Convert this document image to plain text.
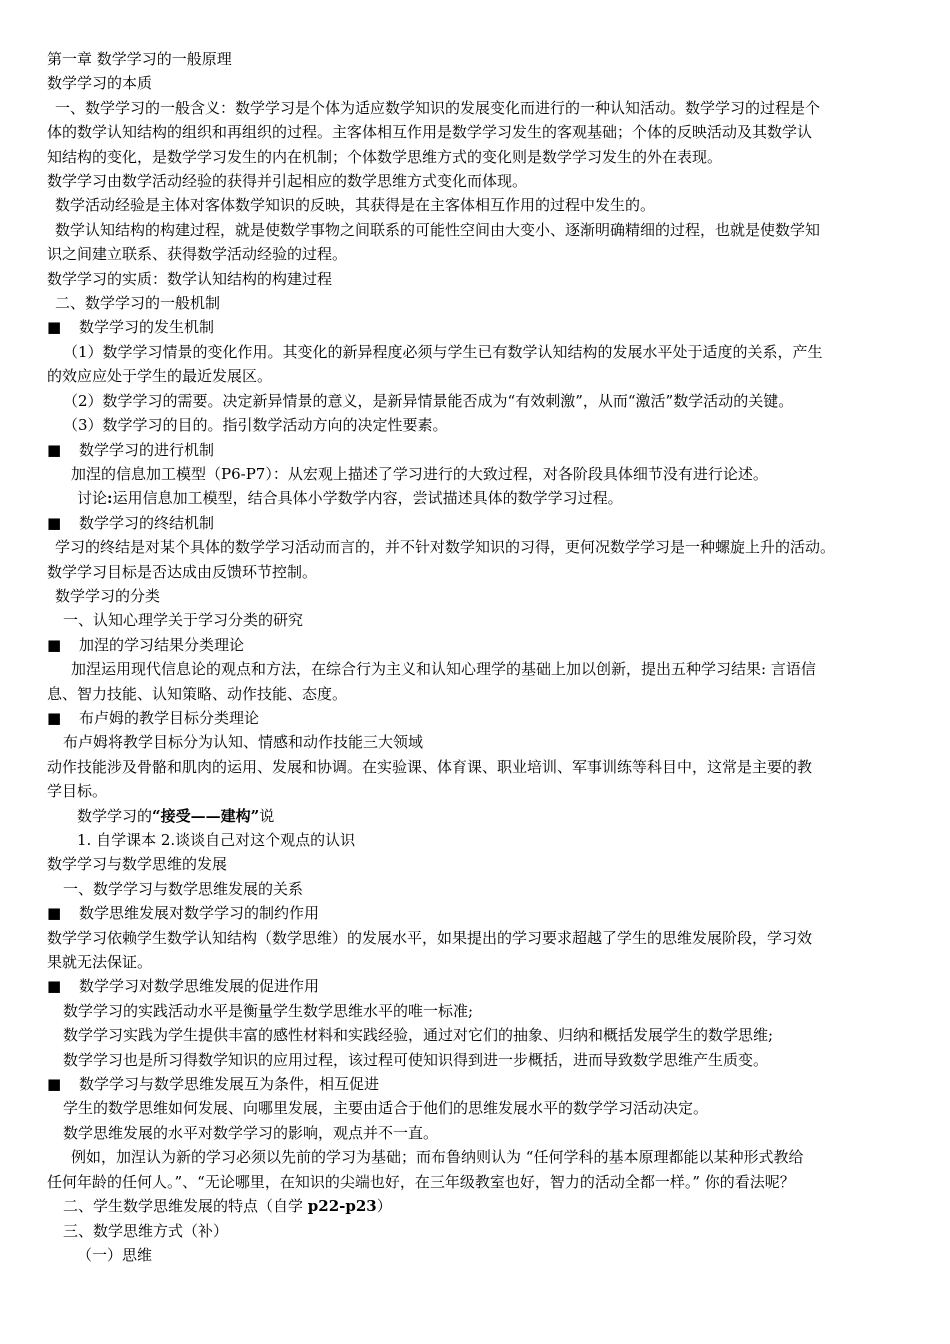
第一章 数学学习的一般原理
数学学习的本质
一、数学学习的一般含义：数学学习是个体为适应数学知识的发展变化而进行的一种认知活动。数学学习的过程是个
体的数学认知结构的组织和再组织的过程。主客体相互作用是数学学习发生的客观基础；个体的反映活动及其数学认
知结构的变化，是数学学习发生的内在机制；个体数学思维方式的变化则是数学学习发生的外在表现。
数学学习由数学活动经验的获得并引起相应的数学思维方式变化而体现。
数学活动经验是主体对客体数学知识的反映，其获得是在主客体相互作用的过程中发生的。
数学认知结构的构建过程，就是使数学事物之间联系的可能性空间由大变小、逐渐明确精细的过程，也就是使数学知
识之间建立联系、获得数学活动经验的过程。
数学学习的实质：数学认知结构的构建过程
二、数学学习的一般机制
■	数学学习的发生机制
（1）数学学习情景的变化作用。其变化的新异程度必须与学生已有数学认知结构的发展水平处于适度的关系，产生
的效应应处于学生的最近发展区。
（2）数学学习的需要。决定新异情景的意义，是新异情景能否成为“有效刺激”，从而“激活”数学活动的关键。
（3）数学学习的目的。指引数学活动方向的决定性要素。
■	数学学习的进行机制
加涅的信息加工模型（P6-P7）：从宏观上描述了学习进行的大致过程，对各阶段具体细节没有进行论述。
讨论:运用信息加工模型，结合具体小学数学内容，尝试描述具体的数学学习过程。
■	数学学习的终结机制
学习的终结是对某个具体的数学学习活动而言的，并不针对数学知识的习得，更何况数学学习是一种螺旋上升的活动。
数学学习目标是否达成由反馈环节控制。
数学学习的分类
一、认知心理学关于学习分类的研究
■	加涅的学习结果分类理论
加涅运用现代信息论的观点和方法，在综合行为主义和认知心理学的基础上加以创新，提出五种学习结果: 言语信
息、智力技能、认知策略、动作技能、态度。
■	布卢姆的教学目标分类理论
布卢姆将教学目标分为认知、情感和动作技能三大领域
动作技能涉及骨骼和肌肉的运用、发展和协调。在实验课、体育课、职业培训、军事训练等科目中，这常是主要的教
学目标。
数学学习的“接受——建构”说
1. 自学课本 2.谈谈自己对这个观点的认识
数学学习与数学思维的发展
一、数学学习与数学思维发展的关系
■	数学思维发展对数学学习的制约作用
数学学习依赖学生数学认知结构（数学思维）的发展水平，如果提出的学习要求超越了学生的思维发展阶段，学习效
果就无法保证。
■	数学学习对数学思维发展的促进作用
数学学习的实践活动水平是衡量学生数学思维水平的唯一标准;
数学学习实践为学生提供丰富的感性材料和实践经验，通过对它们的抽象、归纳和概括发展学生的数学思维;
数学学习也是所习得数学知识的应用过程，该过程可使知识得到进一步概括，进而导致数学思维产生质变。
■	数学学习与数学思维发展互为条件，相互促进
学生的数学思维如何发展、向哪里发展，主要由适合于他们的思维发展水平的数学学习活动决定。
数学思维发展的水平对数学学习的影响，观点并不一直。
例如，加涅认为新的学习必须以先前的学习为基础；而布鲁纳则认为 “任何学科的基本原理都能以某种形式教给
任何年龄的任何人。”、“无论哪里，在知识的尖端也好，在三年级教室也好，智力的活动全都一样。” 你的看法呢？
二、学生数学思维发展的特点（自学 p22-p23）
三、数学思维方式（补）
（一）思维
